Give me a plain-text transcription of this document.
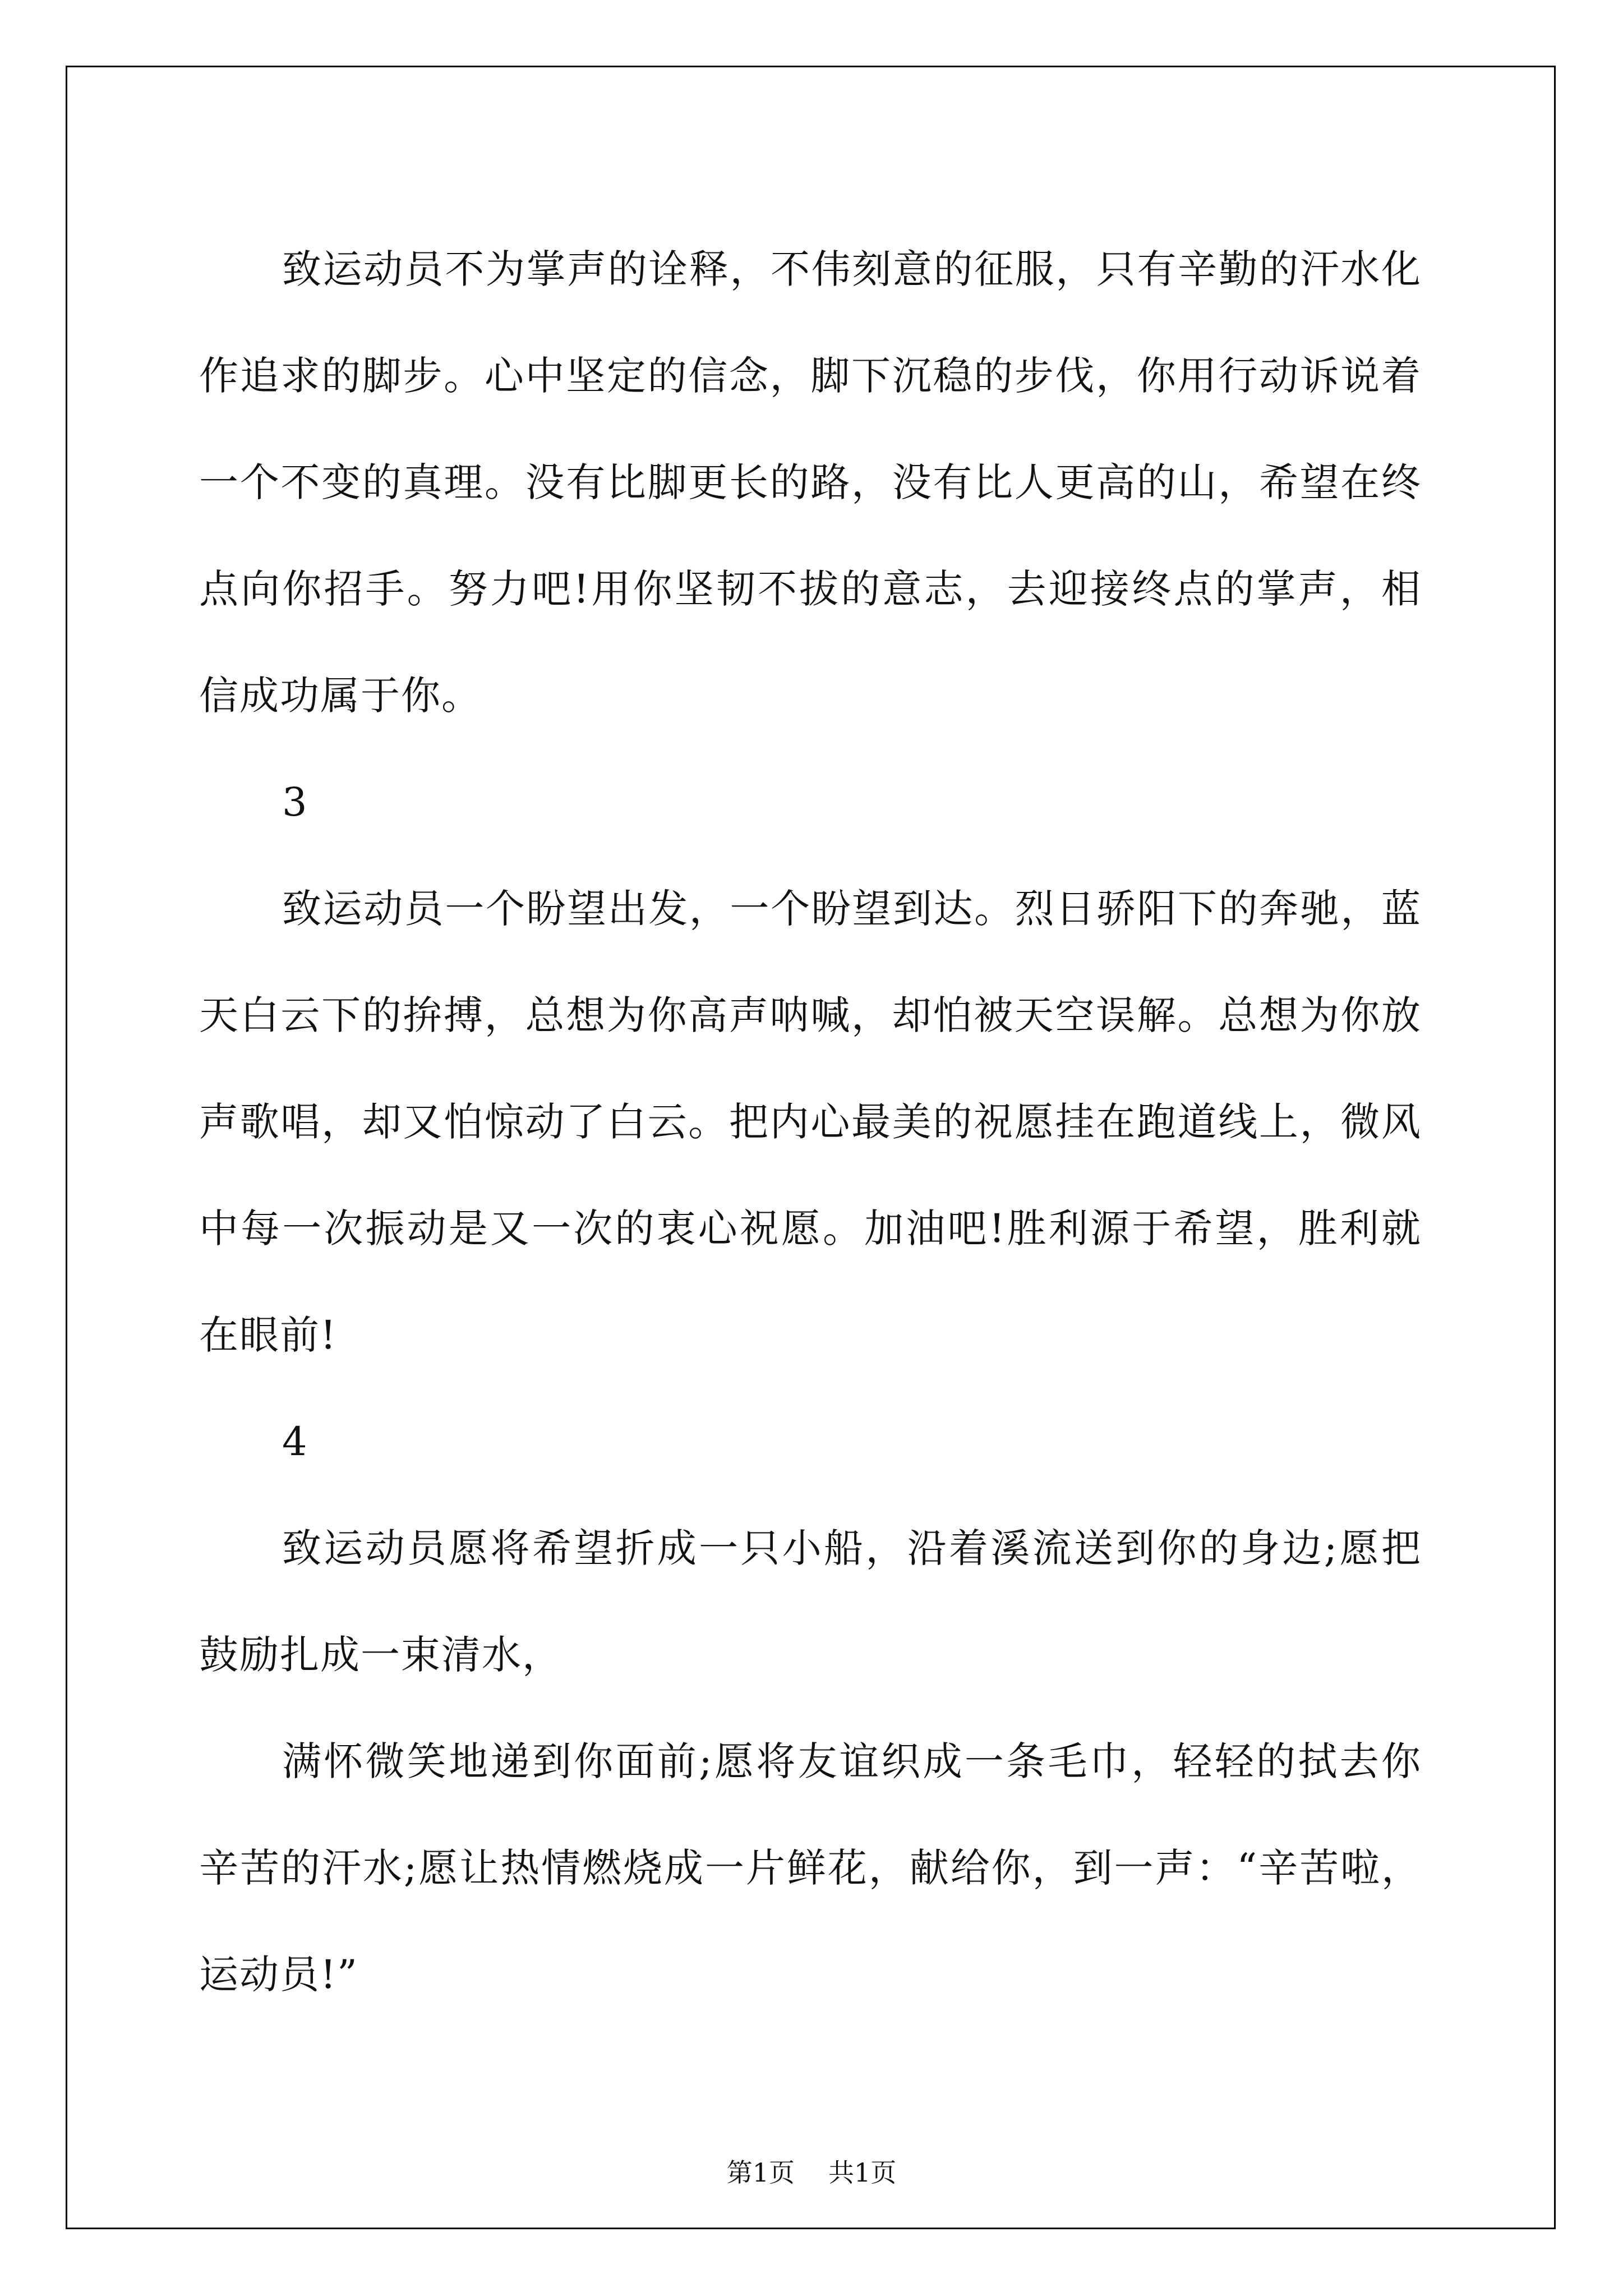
致运动员不为掌声的诠释，不伟刻意的征服，只有辛勤的汗水化作追求的脚步。心中坚定的信念，脚下沉稳的步伐，你用行动诉说着一个不变的真理。没有比脚更长的路，没有比人更高的山，希望在终点向你招手。努力吧!用你坚韧不拔的意志，去迎接终点的掌声，相信成功属于你。

3

致运动员一个盼望出发，一个盼望到达。烈日骄阳下的奔驰，蓝天白云下的拚搏，总想为你高声呐喊，却怕被天空误解。总想为你放声歌唱，却又怕惊动了白云。把内心最美的祝愿挂在跑道线上，微风中每一次振动是又一次的衷心祝愿。加油吧!胜利源于希望，胜利就在眼前!

4

致运动员愿将希望折成一只小船，沿着溪流送到你的身边;愿把鼓励扎成一束清水，

满怀微笑地递到你面前;愿将友谊织成一条毛巾，轻轻的拭去你辛苦的汗水;愿让热情燃烧成一片鲜花，献给你，到一声：“辛苦啦，运动员!”

第1页 共1页
